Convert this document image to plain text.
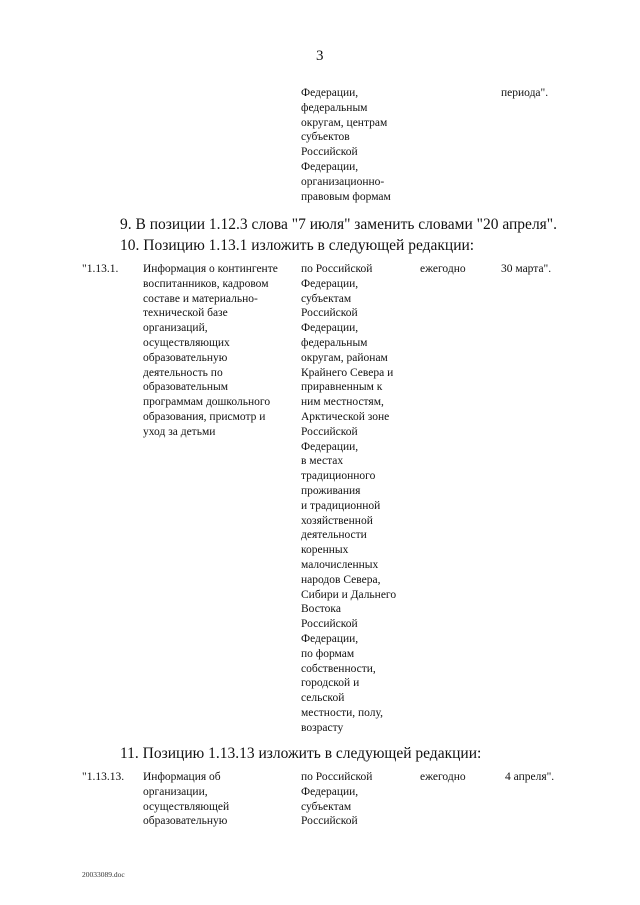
3
Федерации,
федеральным
округам, центрам
субъектов
Российской
Федерации,
организационно-
правовым формам
периода".
9. В позиции 1.12.3 слова "7 июля" заменить словами "20 апреля".
10. Позицию 1.13.1 изложить в следующей редакции:
"1.13.1. Информация о контингенте
воспитанников, кадровом
составе и материально-
технической базе
организаций,
осуществляющих
образовательную
деятельность по
образовательным
программам дошкольного
образования, присмотр и
уход за детьми
по Российской
Федерации,
субъектам
Российской
Федерации,
федеральным
округам, районам
Крайнего Севера и
приравненным к
ним местностям,
Арктической зоне
Российской
Федерации,
в местах
традиционного
проживания
и традиционной
хозяйственной
деятельности
коренных
малочисленных
народов Севера,
Сибири и Дальнего
Востока
Российской
Федерации,
по формам
собственности,
городской и
сельской
местности, полу,
возрасту
ежегодно	30 марта".
11. Позицию 1.13.13 изложить в следующей редакции:
"1.13.13. Информация об
организации,
осуществляющей
образовательную
по Российской
Федерации,
субъектам
Российской
ежегодно	4 апреля".
20033089.doc
